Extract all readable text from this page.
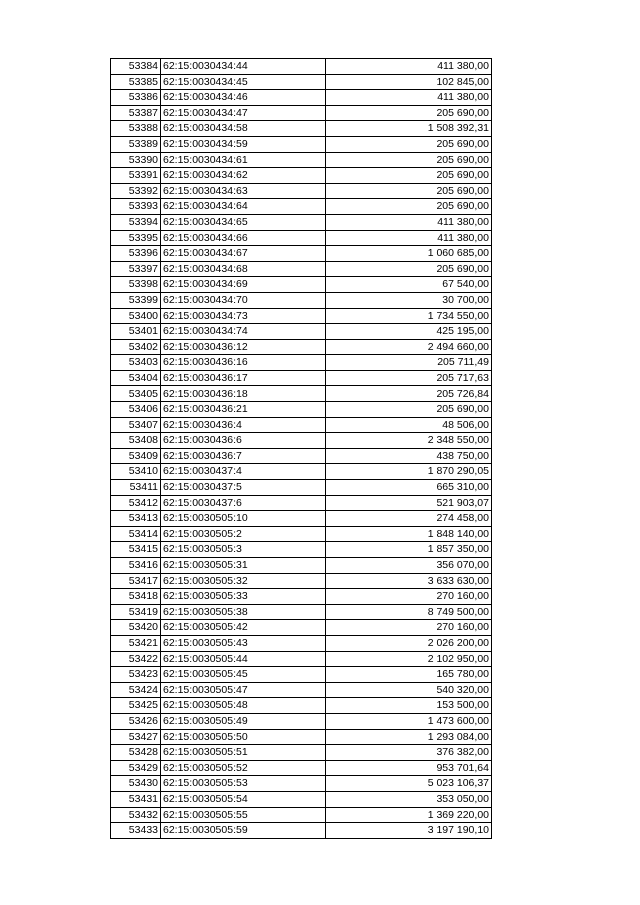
53384	62:15:0030434:44	411 380,00
53385	62:15:0030434:45	102 845,00
53386	62:15:0030434:46	411 380,00
53387	62:15:0030434:47	205 690,00
53388	62:15:0030434:58	1 508 392,31
53389	62:15:0030434:59	205 690,00
53390	62:15:0030434:61	205 690,00
53391	62:15:0030434:62	205 690,00
53392	62:15:0030434:63	205 690,00
53393	62:15:0030434:64	205 690,00
53394	62:15:0030434:65	411 380,00
53395	62:15:0030434:66	411 380,00
53396	62:15:0030434:67	1 060 685,00
53397	62:15:0030434:68	205 690,00
53398	62:15:0030434:69	67 540,00
53399	62:15:0030434:70	30 700,00
53400	62:15:0030434:73	1 734 550,00
53401	62:15:0030434:74	425 195,00
53402	62:15:0030436:12	2 494 660,00
53403	62:15:0030436:16	205 711,49
53404	62:15:0030436:17	205 717,63
53405	62:15:0030436:18	205 726,84
53406	62:15:0030436:21	205 690,00
53407	62:15:0030436:4	48 506,00
53408	62:15:0030436:6	2 348 550,00
53409	62:15:0030436:7	438 750,00
53410	62:15:0030437:4	1 870 290,05
53411	62:15:0030437:5	665 310,00
53412	62:15:0030437:6	521 903,07
53413	62:15:0030505:10	274 458,00
53414	62:15:0030505:2	1 848 140,00
53415	62:15:0030505:3	1 857 350,00
53416	62:15:0030505:31	356 070,00
53417	62:15:0030505:32	3 633 630,00
53418	62:15:0030505:33	270 160,00
53419	62:15:0030505:38	8 749 500,00
53420	62:15:0030505:42	270 160,00
53421	62:15:0030505:43	2 026 200,00
53422	62:15:0030505:44	2 102 950,00
53423	62:15:0030505:45	165 780,00
53424	62:15:0030505:47	540 320,00
53425	62:15:0030505:48	153 500,00
53426	62:15:0030505:49	1 473 600,00
53427	62:15:0030505:50	1 293 084,00
53428	62:15:0030505:51	376 382,00
53429	62:15:0030505:52	953 701,64
53430	62:15:0030505:53	5 023 106,37
53431	62:15:0030505:54	353 050,00
53432	62:15:0030505:55	1 369 220,00
53433	62:15:0030505:59	3 197 190,10
